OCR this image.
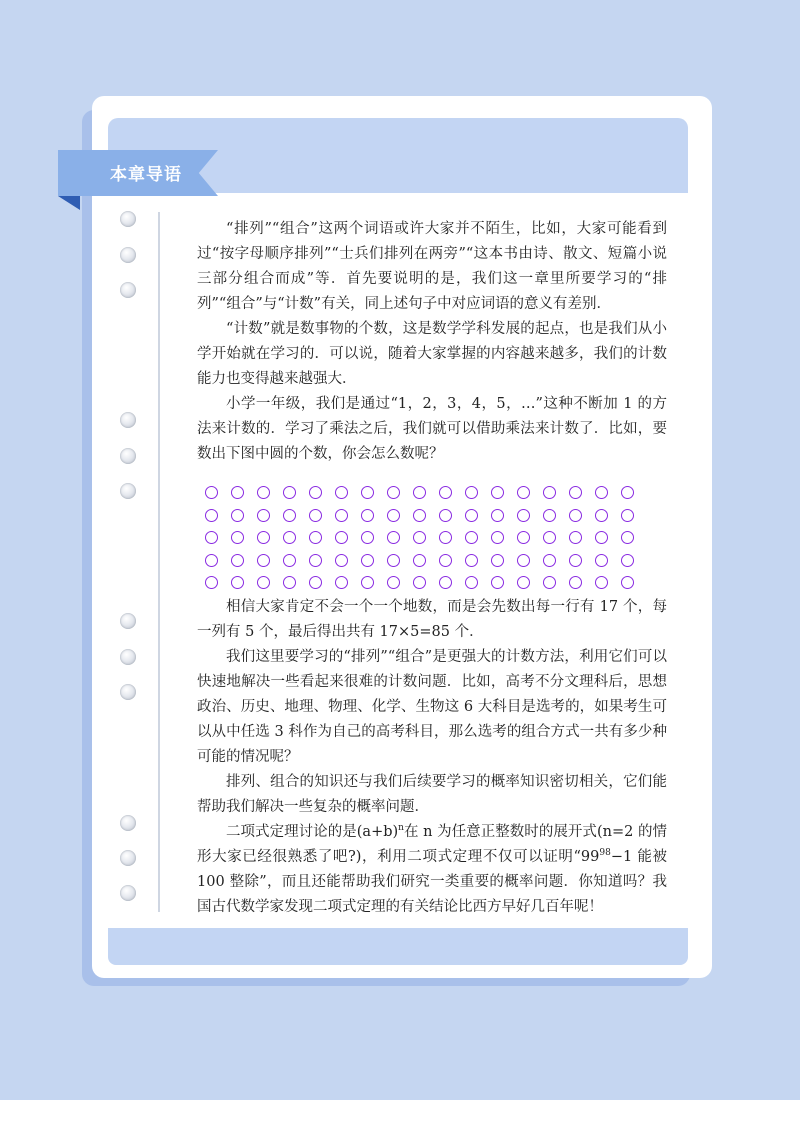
本章导语

“排列”“组合”这两个词语或许大家并不陌生，比如，大家可能看到过“按字母顺序排列”“士兵们排列在两旁”“这本书由诗、散文、短篇小说三部分组合而成”等．首先要说明的是，我们这一章里所要学习的“排列”“组合”与“计数”有关，同上述句子中对应词语的意义有差别．

“计数”就是数事物的个数，这是数学学科发展的起点，也是我们从小学开始就在学习的．可以说，随着大家掌握的内容越来越多，我们的计数能力也变得越来越强大．

小学一年级，我们是通过“1，2，3，4，5，…”这种不断加 1 的方法来计数的．学习了乘法之后，我们就可以借助乘法来计数了．比如，要数出下图中圆的个数，你会怎么数呢？

相信大家肯定不会一个一个地数，而是会先数出每一行有 17 个，每一列有 5 个，最后得出共有 17×5=85 个．

我们这里要学习的“排列”“组合”是更强大的计数方法，利用它们可以快速地解决一些看起来很难的计数问题．比如，高考不分文理科后，思想政治、历史、地理、物理、化学、生物这 6 大科目是选考的，如果考生可以从中任选 3 科作为自己的高考科目，那么选考的组合方式一共有多少种可能的情况呢？

排列、组合的知识还与我们后续要学习的概率知识密切相关，它们能帮助我们解决一些复杂的概率问题．

二项式定理讨论的是$(a+b)^n$在 n 为任意正整数时的展开式(n=2 的情形大家已经很熟悉了吧?)，利用二项式定理不仅可以证明“$99^{98}-1$ 能被 100 整除”，而且还能帮助我们研究一类重要的概率问题．你知道吗？我国古代数学家发现二项式定理的有关结论比西方早好几百年呢！
